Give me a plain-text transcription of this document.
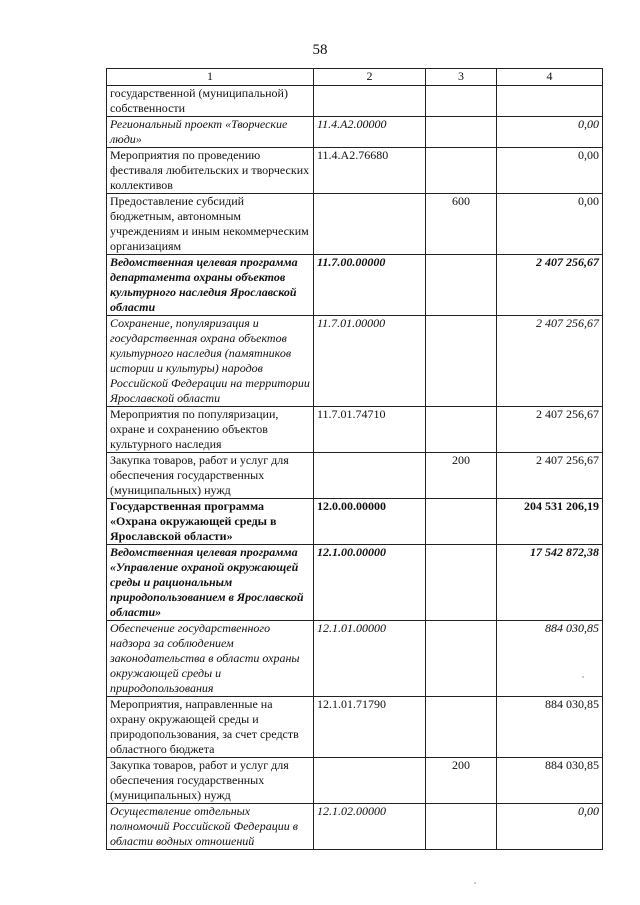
58
1	2	3	4
государственной (муниципальной) собственности			
Региональный проект «Творческие люди»	11.4.А2.00000		0,00
Мероприятия по проведению фестиваля любительских и творческих коллективов	11.4.А2.76680		0,00
Предоставление субсидий бюджетным, автономным учреждениям и иным некоммерческим организациям		600	0,00
Ведомственная целевая программа департамента охраны объектов культурного наследия Ярославской области	11.7.00.00000		2 407 256,67
Сохранение, популяризация и государственная охрана объектов культурного наследия (памятников истории и культуры) народов Российской Федерации на территории Ярославской области	11.7.01.00000		2 407 256,67
Мероприятия по популяризации, охране и сохранению объектов культурного наследия	11.7.01.74710		2 407 256,67
Закупка товаров, работ и услуг для обеспечения государственных (муниципальных) нужд		200	2 407 256,67
Государственная программа «Охрана окружающей среды в Ярославской области»	12.0.00.00000		204 531 206,19
Ведомственная целевая программа «Управление охраной окружающей среды и рациональным природопользованием в Ярославской области»	12.1.00.00000		17 542 872,38
Обеспечение государственного надзора за соблюдением законодательства в области охраны окружающей среды и природопользования	12.1.01.00000		884 030,85
Мероприятия, направленные на охрану окружающей среды и природопользования, за счет средств областного бюджета	12.1.01.71790		884 030,85
Закупка товаров, работ и услуг для обеспечения государственных (муниципальных) нужд		200	884 030,85
Осуществление отдельных полномочий Российской Федерации в области водных отношений	12.1.02.00000		0,00
